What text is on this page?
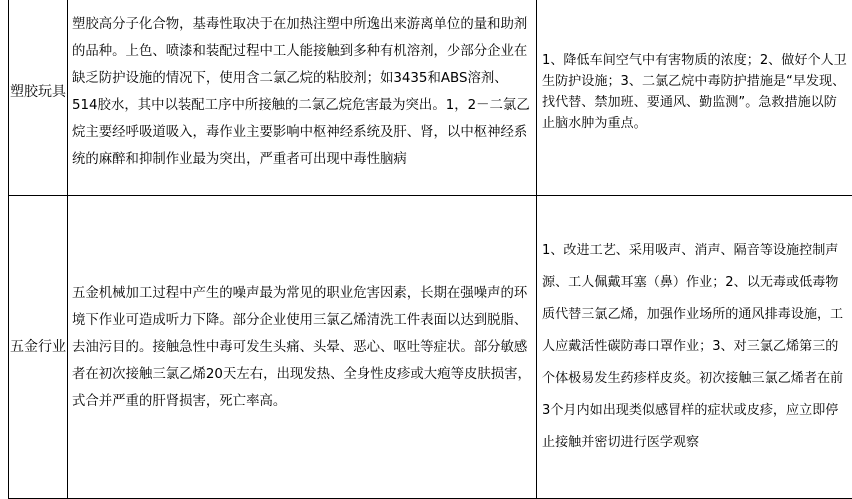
塑胶玩具	塑胶高分子化合物，基毒性取决于在加热注塑中所逸出来游离单位的量和助剂的品种。上色、喷漆和装配过程中工人能接触到多种有机溶剂，少部分企业在缺乏防护设施的情况下，使用含二氯乙烷的粘胶剂；如3435和ABS溶剂、514胶水，其中以装配工序中所接触的二氯乙烷危害最为突出。1，2－二氯乙烷主要经呼吸道吸入，毒作业主要影响中枢神经系统及肝、肾，以中枢神经系统的麻醉和抑制作业最为突出，严重者可出现中毒性脑病	1、降低车间空气中有害物质的浓度；2、做好个人卫生防护设施；3、二氯乙烷中毒防护措施是“早发现、找代替、禁加班、要通风、勤监测”。急救措施以防止脑水肿为重点。

五金行业	五金机械加工过程中产生的噪声最为常见的职业危害因素，长期在强噪声的环境下作业可造成听力下降。部分企业使用三氯乙烯清洗工件表面以达到脱脂、去油污目的。接触急性中毒可发生头痛、头晕、恶心、呕吐等症状。部分敏感者在初次接触三氯乙烯20天左右，出现发热、全身性皮疹或大疱等皮肤损害，式合并严重的肝肾损害，死亡率高。	1、改进工艺、采用吸声、消声、隔音等设施控制声源、工人佩戴耳塞（鼻）作业；2、以无毒或低毒物质代替三氯乙烯，加强作业场所的通风排毒设施，工人应戴活性碳防毒口罩作业；3、对三氯乙烯第三的个体极易发生药疹样皮炎。初次接触三氯乙烯者在前3个月内如出现类似感冒样的症状或皮疹，应立即停止接触并密切进行医学观察
